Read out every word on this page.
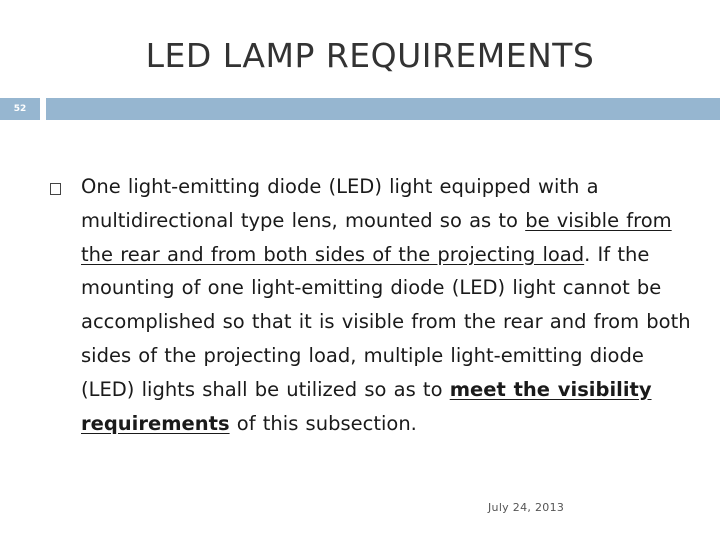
LED LAMP REQUIREMENTS
52
One light-emitting diode (LED) light equipped with a multidirectional type lens, mounted so as to be visible from the rear and from both sides of the projecting load. If the mounting of one light-emitting diode (LED) light cannot be accomplished so that it is visible from the rear and from both sides of the projecting load, multiple light-emitting diode (LED) lights shall be utilized so as to meet the visibility requirements of this subsection.
July 24, 2013
